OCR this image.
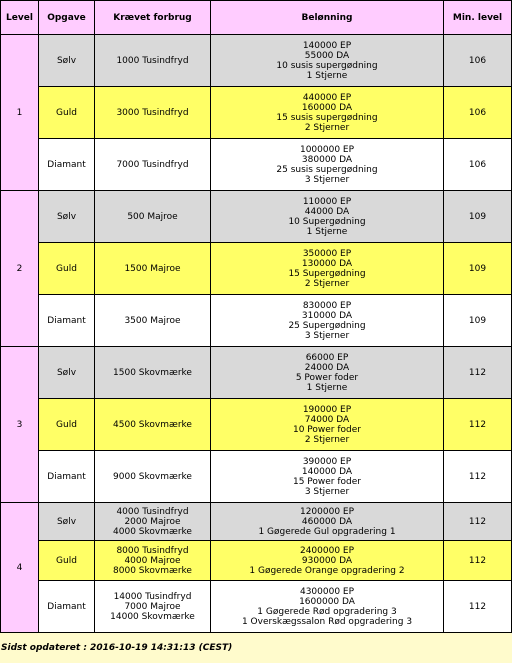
Level	Opgave	Krævet forbrug	Belønning	Min. level
1	Sølv	1000 Tusindfryd	140000 EP
55000 DA
10 susis supergødning
1 Stjerne	106
	Guld	3000 Tusindfryd	440000 EP
160000 DA
15 susis supergødning
2 Stjerner	106
	Diamant	7000 Tusindfryd	1000000 EP
380000 DA
25 susis supergødning
3 Stjerner	106
2	Sølv	500 Majroe	110000 EP
44000 DA
10 Supergødning
1 Stjerne	109
	Guld	1500 Majroe	350000 EP
130000 DA
15 Supergødning
2 Stjerner	109
	Diamant	3500 Majroe	830000 EP
310000 DA
25 Supergødning
3 Stjerner	109
3	Sølv	1500 Skovmærke	66000 EP
24000 DA
5 Power foder
1 Stjerne	112
	Guld	4500 Skovmærke	190000 EP
74000 DA
10 Power foder
2 Stjerner	112
	Diamant	9000 Skovmærke	390000 EP
140000 DA
15 Power foder
3 Stjerner	112
4	Sølv	4000 Tusindfryd
2000 Majroe
4000 Skovmærke	1200000 EP
460000 DA
1 Gøgerede Gul opgradering 1	112
	Guld	8000 Tusindfryd
4000 Majroe
8000 Skovmærke	2400000 EP
930000 DA
1 Gøgerede Orange opgradering 2	112
	Diamant	14000 Tusindfryd
7000 Majroe
14000 Skovmærke	4300000 EP
1600000 DA
1 Gøgerede Rød opgradering 3
1 Overskægssalon Rød opgradering 3	112
Sidst opdateret : 2016-10-19 14:31:13 (CEST)
